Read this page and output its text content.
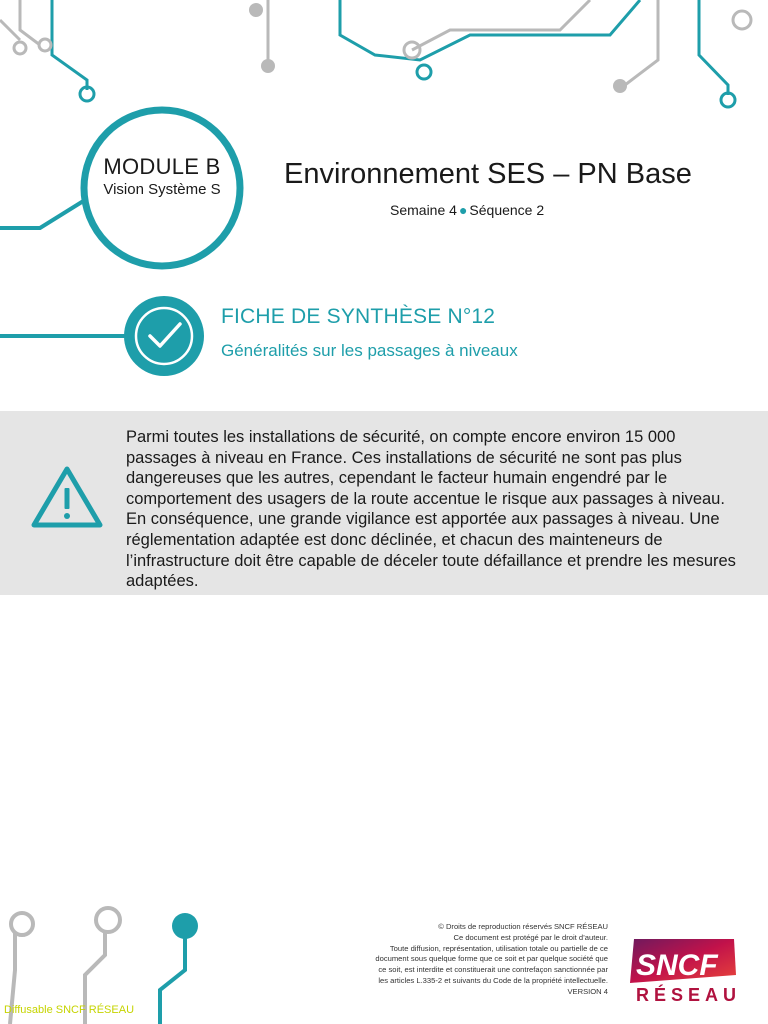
MODULE B
Vision Système S	Environnement SES – PN Base
Semaine 4 ● Séquence 2
FICHE DE SYNTHÈSE N°12
Généralités sur les passages à niveaux
Parmi toutes les installations de sécurité, on compte encore environ 15 000 passages à niveau en France. Ces installations de sécurité ne sont pas plus dangereuses que les autres, cependant le facteur humain engendré par le comportement des usagers de la route accentue le risque aux passages à niveau. En conséquence, une grande vigilance est apportée aux passages à niveau. Une réglementation adaptée est donc déclinée, et chacun des mainteneurs de l’infrastructure doit être capable de déceler toute défaillance et prendre les mesures adaptées.
© Droits de reproduction réservés SNCF RÉSEAU
Ce document est protégé par le droit d’auteur.
Toute diffusion, représentation, utilisation totale ou partielle de ce
document sous quelque forme que ce soit et par quelque société que
ce soit, est interdite et constituerait une contrefaçon sanctionnée par
les articles L.335-2 et suivants du Code de la propriété intellectuelle.
VERSION 4
SNCF
RÉSEAU
Diffusable SNCF RÉSEAU
